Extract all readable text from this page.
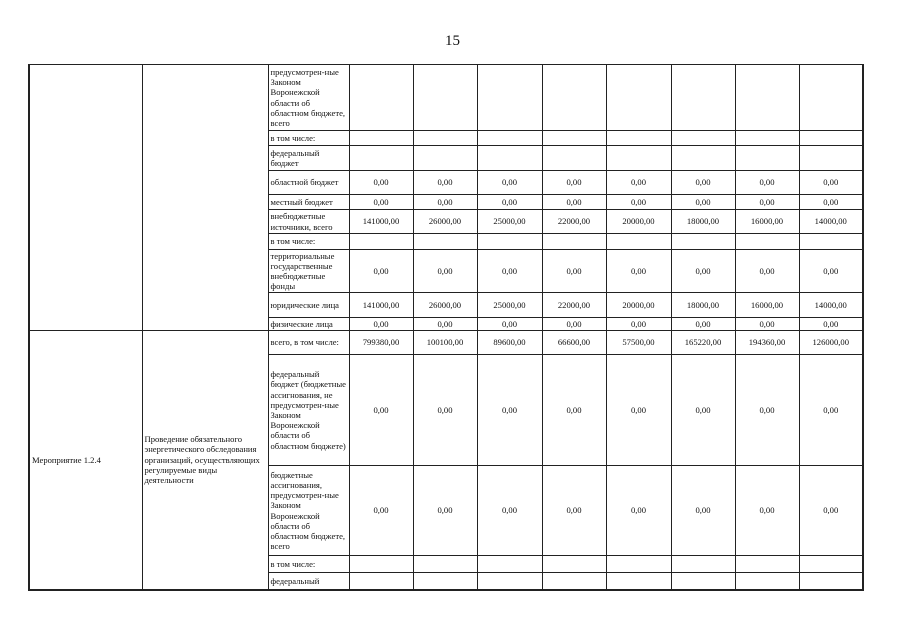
15
		предусмотрен-ные Законом Воронежской области об областном бюджете, всего								
		в том числе:								
		федеральный бюджет								
		областной бюджет	0,00	0,00	0,00	0,00	0,00	0,00	0,00	0,00
		местный бюджет	0,00	0,00	0,00	0,00	0,00	0,00	0,00	0,00
		внебюджетные источники, всего	141000,00	26000,00	25000,00	22000,00	20000,00	18000,00	16000,00	14000,00
		в том числе:								
		территориальные государственные внебюджетные фонды	0,00	0,00	0,00	0,00	0,00	0,00	0,00	0,00
		юридические лица	141000,00	26000,00	25000,00	22000,00	20000,00	18000,00	16000,00	14000,00
		физические лица	0,00	0,00	0,00	0,00	0,00	0,00	0,00	0,00
Мероприятие 1.2.4	Проведение обязательного энергетического обследования организаций, осуществляющих регулируемые виды деятельности	всего, в том числе:	799380,00	100100,00	89600,00	66600,00	57500,00	165220,00	194360,00	126000,00
		федеральный бюджет (бюджетные ассигнования, не предусмотрен-ные Законом Воронежской области об областном бюджете)	0,00	0,00	0,00	0,00	0,00	0,00	0,00	0,00
		бюджетные ассигнования, предусмотрен-ные Законом Воронежской области об областном бюджете, всего	0,00	0,00	0,00	0,00	0,00	0,00	0,00	0,00
		в том числе:								
		федеральный								
